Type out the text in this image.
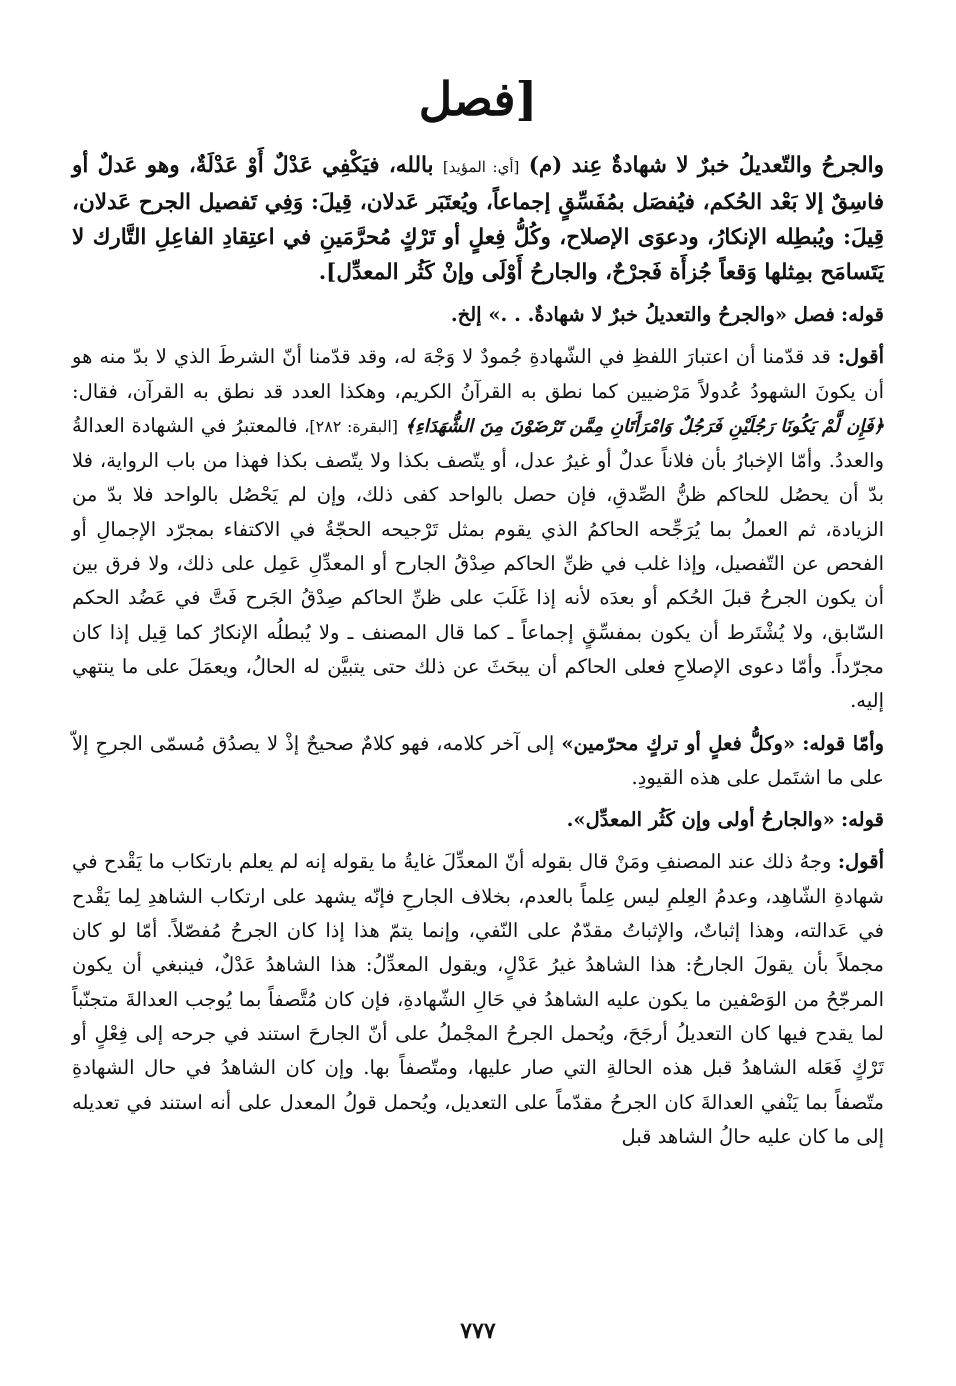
[فصل

والجرحُ والتّعديلُ خبرٌ لا شهادةٌ عِند (م) [أي: المؤيد] بالله، فيَكْفِي عَدْلٌ أَوْ عَدْلَةٌ، وهو عَدلٌ أو فاسِقٌ إلا بَعْد الحُكم، فيُفصَل بمُفَسِّقٍ إجماعاً، ويُعتَبَر عَدلان، قِيلَ: وَفِي تَفصيل الجرح عَدلان، قِيلَ: ويُبطِله الإنكارُ، ودعوَى الإصلاح، وكُلُّ فِعلٍ أو تَرْكٍ مُحرَّمَينِ في اعتِقادِ الفاعِلِ التَّارك لا يَتَسامَح بمِثلها وَقعاً جُزأَة فَجرْحٌ، والجارحُ أَوْلَى وإنْ كَثُر المعدِّل].

قوله: فصل «والجرحُ والتعديلُ خبرٌ لا شهادةٌ. . .» إلخ.

أقول: قد قدّمنا أن اعتبارَ اللفظِ في الشّهادةِ جُمودٌ لا وَجْهَ له، وقد قدّمنا أنّ الشرطَ الذي لا بدّ منه هو أن يكونَ الشهودُ عُدولاً مَرْضيين كما نطق به القرآنُ الكريم، وهكذا العدد قد نطق به القرآن، فقال: ﴿فَإِن لَّمْ يَكُونَا رَجُلَيْنِ فَرَجُلٌ وَامْرَأَتَانِ مِمَّن تَرْضَوْنَ مِنَ الشُّهَدَاءِ﴾ [البقرة: ٢٨٢]، فالمعتبرُ في الشهادة العدالةُ والعددُ. وأمّا الإخبارُ بأن فلاناً عدلٌ أو غيرُ عدل، أو يتّصف بكذا ولا يتّصف بكذا فهذا من باب الرواية، فلا بدّ أن يحصُل للحاكم ظنُّ الصِّدقِ، فإن حصل بالواحد كفى ذلك، وإن لم يَحْصُل بالواحد فلا بدّ من الزيادة، ثم العملُ بما يُرَجِّحه الحاكمُ الذي يقوم بمثل تَرْجيحه الحجّةُ في الاكتفاء بمجرّد الإجمالِ أو الفحص عن التّفصيل، وإذا غلب في ظنِّ الحاكم صِدْقُ الجارح أو المعدِّلِ عَمِل على ذلك، ولا فرق بين أن يكون الجرحُ قبلَ الحُكم أو بعدَه لأنه إذا غَلَبَ على ظنِّ الحاكم صِدْقُ الجَرح فَتَّ في عَضُد الحكم السّابق، ولا يُشْتَرط أن يكون بمفسِّقٍ إجماعاً ـ كما قال المصنف ـ ولا يُبطلُه الإنكارُ كما قِيل إذا كان مجرّداً. وأمّا دعوى الإصلاحِ فعلى الحاكم أن يبحَثَ عن ذلك حتى يتبيَّن له الحالُ، ويعمَلَ على ما ينتهي إليه.

وأمّا قوله: «وكلُّ فعلٍ أو تركٍ محرّمين» إلى آخر كلامه، فهو كلامٌ صحيحٌ إذْ لا يصدُق مُسمّى الجرحِ إلاّ على ما اشتَمل على هذه القيودِ.

قوله: «والجارحُ أولى وإن كَثُر المعدِّل».

أقول: وجهُ ذلك عند المصنفِ ومَنْ قال بقوله أنّ المعدِّلَ غايةُ ما يقوله إنه لم يعلم بارتكاب ما يَقْدح في شهادةِ الشّاهِد، وعدمُ العِلمِ ليس عِلماً بالعدم، بخلاف الجارحِ فإنّه يشهد على ارتكاب الشاهدِ لِما يَقْدح في عَدالته، وهذا إثباتٌ، والإثباتُ مقدّمٌ على النّفي، وإنما يتمّ هذا إذا كان الجرحُ مُفصّلاً. أمّا لو كان مجملاً بأن يقولَ الجارحُ: هذا الشاهدُ غيرُ عَدْلٍ، ويقول المعدِّلُ: هذا الشاهدُ عَدْلٌ، فينبغي أن يكون المرجّحُ من الوَصْفين ما يكون عليه الشاهدُ في حَالِ الشّهادةِ، فإن كان مُتَّصفاً بما يُوجب العدالةَ متجنّباً لما يقدح فيها كان التعديلُ أرجَحَ، ويُحمل الجرحُ المجْملُ على أنّ الجارحَ استند في جرحه إلى فِعْلٍ أو تَرْكٍ فَعَله الشاهدُ قبل هذه الحالةِ التي صار عليها، ومتّصفاً بها. وإن كان الشاهدُ في حال الشهادةِ متّصفاً بما يَنْفي العدالةَ كان الجرحُ مقدّماً على التعديل، ويُحمل قولُ المعدل على أنه استند في تعديله إلى ما كان عليه حالُ الشاهد قبل

٧٧٧
